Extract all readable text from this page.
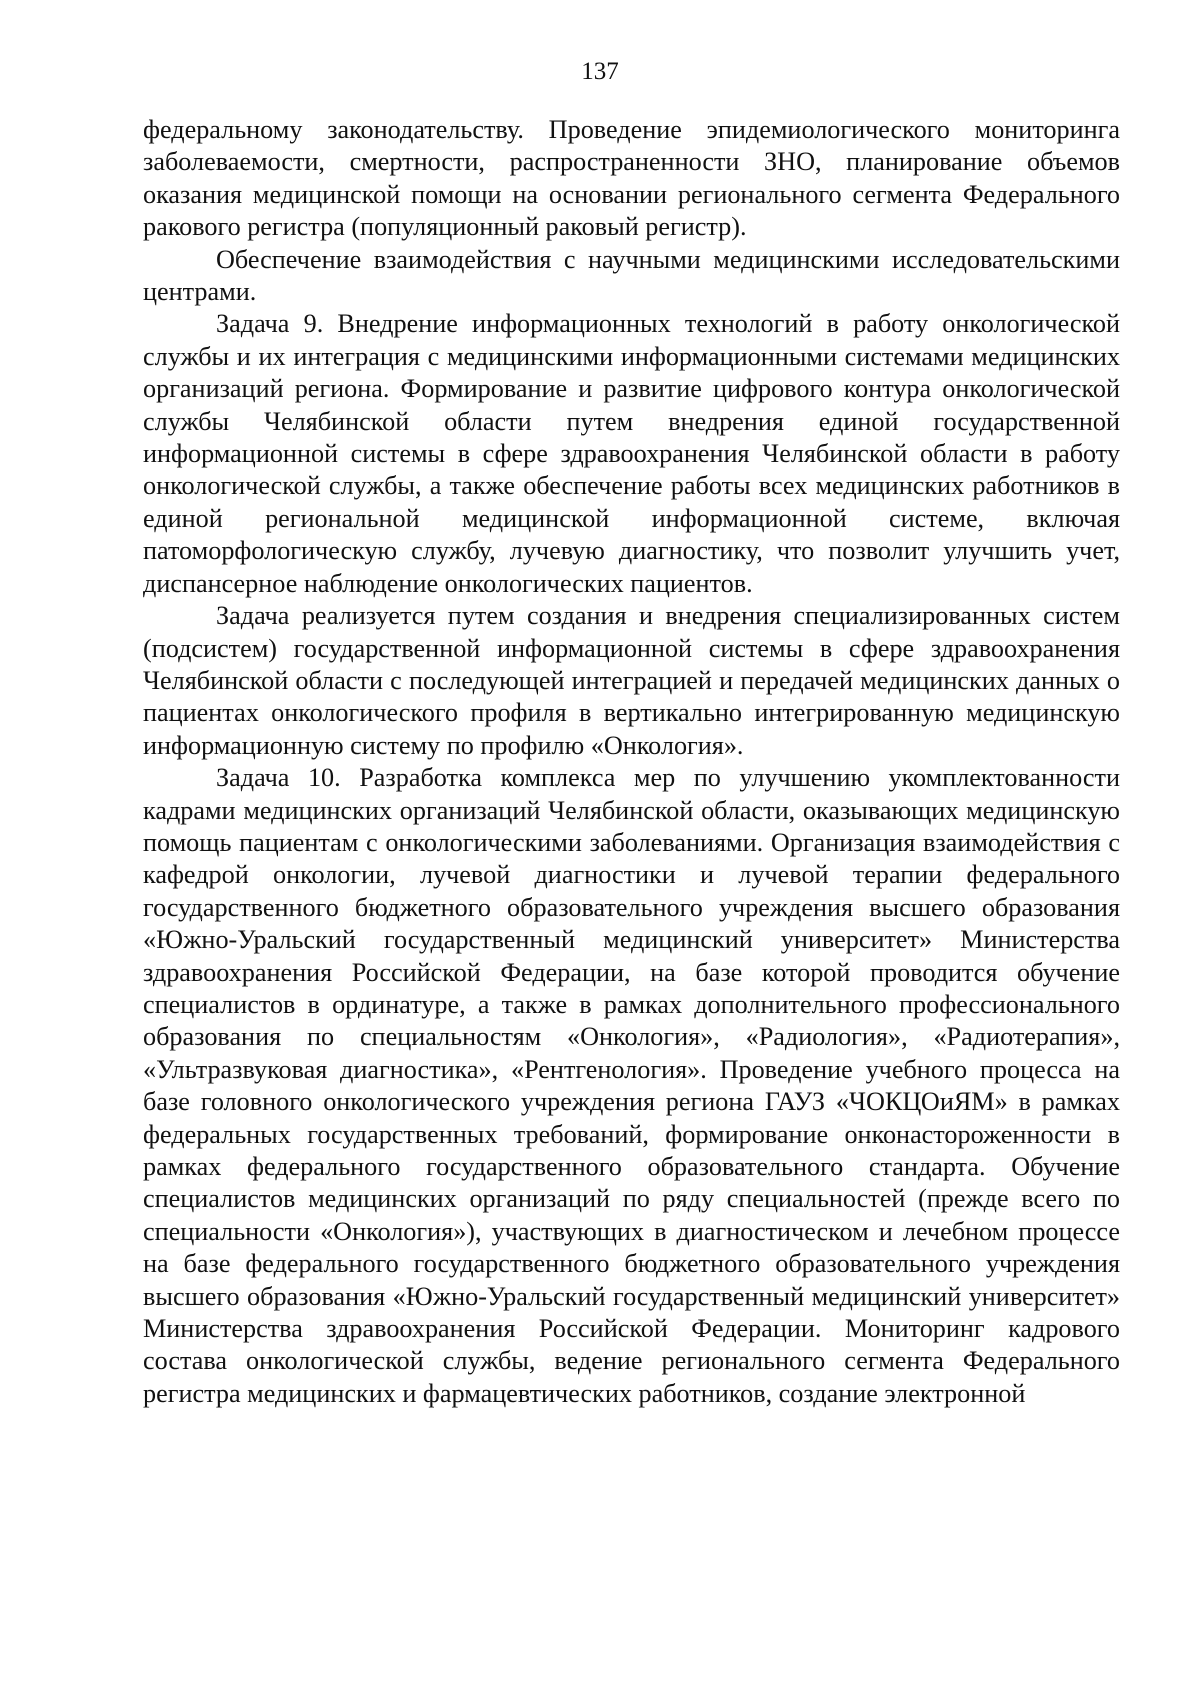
137

федеральному законодательству. Проведение эпидемиологического мониторинга заболеваемости, смертности, распространенности ЗНО, планирование объемов оказания медицинской помощи на основании регионального сегмента Федерального ракового регистра (популяционный раковый регистр).

Обеспечение взаимодействия с научными медицинскими исследовательскими центрами.

Задача 9. Внедрение информационных технологий в работу онкологической службы и их интеграция с медицинскими информационными системами медицинских организаций региона. Формирование и развитие цифрового контура онкологической службы Челябинской области путем внедрения единой государственной информационной системы в сфере здравоохранения Челябинской области в работу онкологической службы, а также обеспечение работы всех медицинских работников в единой региональной медицинской информационной системе, включая патоморфологическую службу, лучевую диагностику, что позволит улучшить учет, диспансерное наблюдение онкологических пациентов.

Задача реализуется путем создания и внедрения специализированных систем (подсистем) государственной информационной системы в сфере здравоохранения Челябинской области с последующей интеграцией и передачей медицинских данных о пациентах онкологического профиля в вертикально интегрированную медицинскую информационную систему по профилю «Онкология».

Задача 10. Разработка комплекса мер по улучшению укомплектованности кадрами медицинских организаций Челябинской области, оказывающих медицинскую помощь пациентам с онкологическими заболеваниями. Организация взаимодействия с кафедрой онкологии, лучевой диагностики и лучевой терапии федерального государственного бюджетного образовательного учреждения высшего образования «Южно-Уральский государственный медицинский университет» Министерства здравоохранения Российской Федерации, на базе которой проводится обучение специалистов в ординатуре, а также в рамках дополнительного профессионального образования по специальностям «Онкология», «Радиология», «Радиотерапия», «Ультразвуковая диагностика», «Рентгенология». Проведение учебного процесса на базе головного онкологического учреждения региона ГАУЗ «ЧОКЦОиЯМ» в рамках федеральных государственных требований, формирование онконастороженности в рамках федерального государственного образовательного стандарта. Обучение специалистов медицинских организаций по ряду специальностей (прежде всего по специальности «Онкология»), участвующих в диагностическом и лечебном процессе на базе федерального государственного бюджетного образовательного учреждения высшего образования «Южно-Уральский государственный медицинский университет» Министерства здравоохранения Российской Федерации. Мониторинг кадрового состава онкологической службы, ведение регионального сегмента Федерального регистра медицинских и фармацевтических работников, создание электронной
